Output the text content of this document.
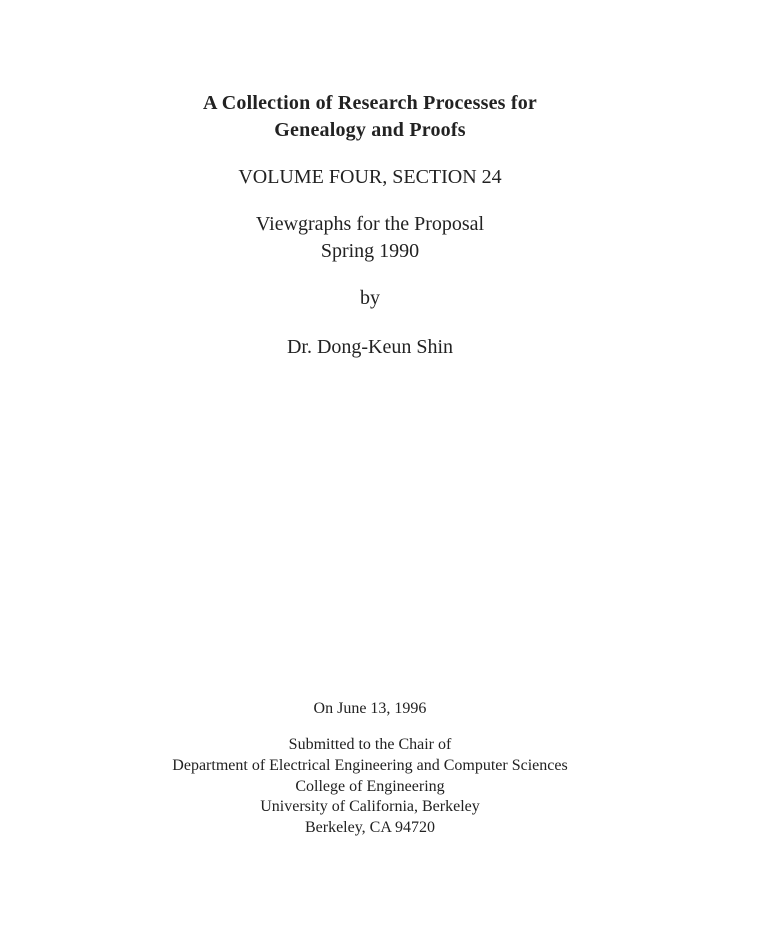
A Collection of Research Processes for
Genealogy and Proofs
VOLUME FOUR, SECTION 24
Viewgraphs for the Proposal
Spring 1990
by
Dr. Dong-Keun Shin
On June 13, 1996
Submitted to the Chair of
Department of Electrical Engineering and Computer Sciences
College of Engineering
University of California, Berkeley
Berkeley, CA 94720
